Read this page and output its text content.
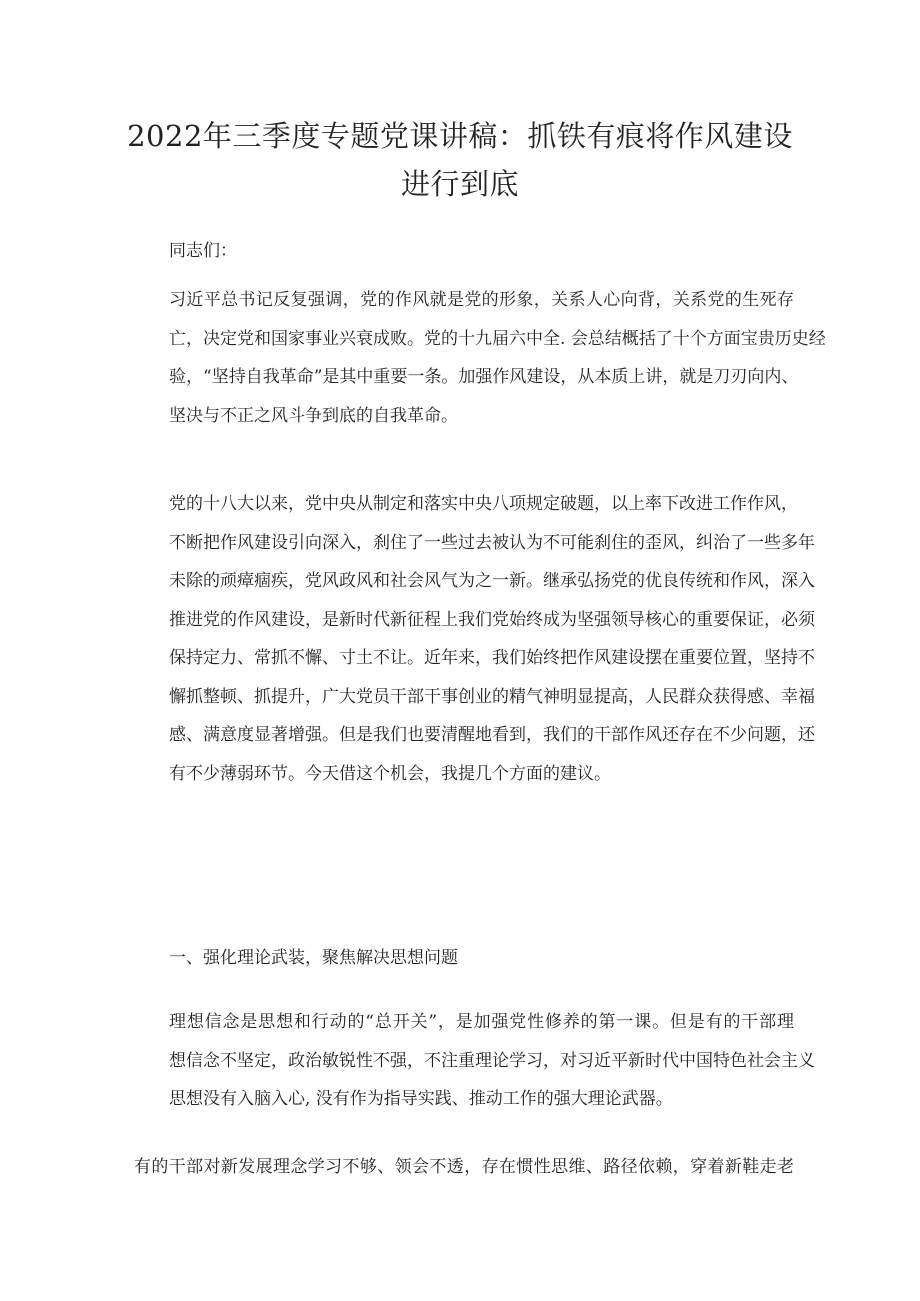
2022年三季度专题党课讲稿：抓铁有痕将作风建设
进行到底

同志们：

习近平总书记反复强调，党的作风就是党的形象，关系人心向背，关系党的生死存
亡，决定党和国家事业兴衰成败。党的十九届六中全. 会总结概括了十个方面宝贵历史经
验，“坚持自我革命”是其中重要一条。加强作风建设，从本质上讲，就是刀刃向内、
坚决与不正之风斗争到底的自我革命。

党的十八大以来，党中央从制定和落实中央八项规定破题，以上率下改进工作作风，
不断把作风建设引向深入，刹住了一些过去被认为不可能刹住的歪风，纠治了一些多年
未除的顽瘴痼疾，党风政风和社会风气为之一新。继承弘扬党的优良传统和作风，深入
推进党的作风建设，是新时代新征程上我们党始终成为坚强领导核心的重要保证，必须
保持定力、常抓不懈、寸土不让。近年来，我们始终把作风建设摆在重要位置，坚持不
懈抓整顿、抓提升，广大党员干部干事创业的精气神明显提高，人民群众获得感、幸福
感、满意度显著增强。但是我们也要清醒地看到，我们的干部作风还存在不少问题，还
有不少薄弱环节。今天借这个机会，我提几个方面的建议。

一、强化理论武装，聚焦解决思想问题

理想信念是思想和行动的“总开关”，是加强党性修养的第一课。但是有的干部理
想信念不坚定，政治敏锐性不强，不注重理论学习，对习近平新时代中国特色社会主义
思想没有入脑入心, 没有作为指导实践、推动工作的强大理论武器。

有的干部对新发展理念学习不够、领会不透，存在惯性思维、路径依赖，穿着新鞋走老
